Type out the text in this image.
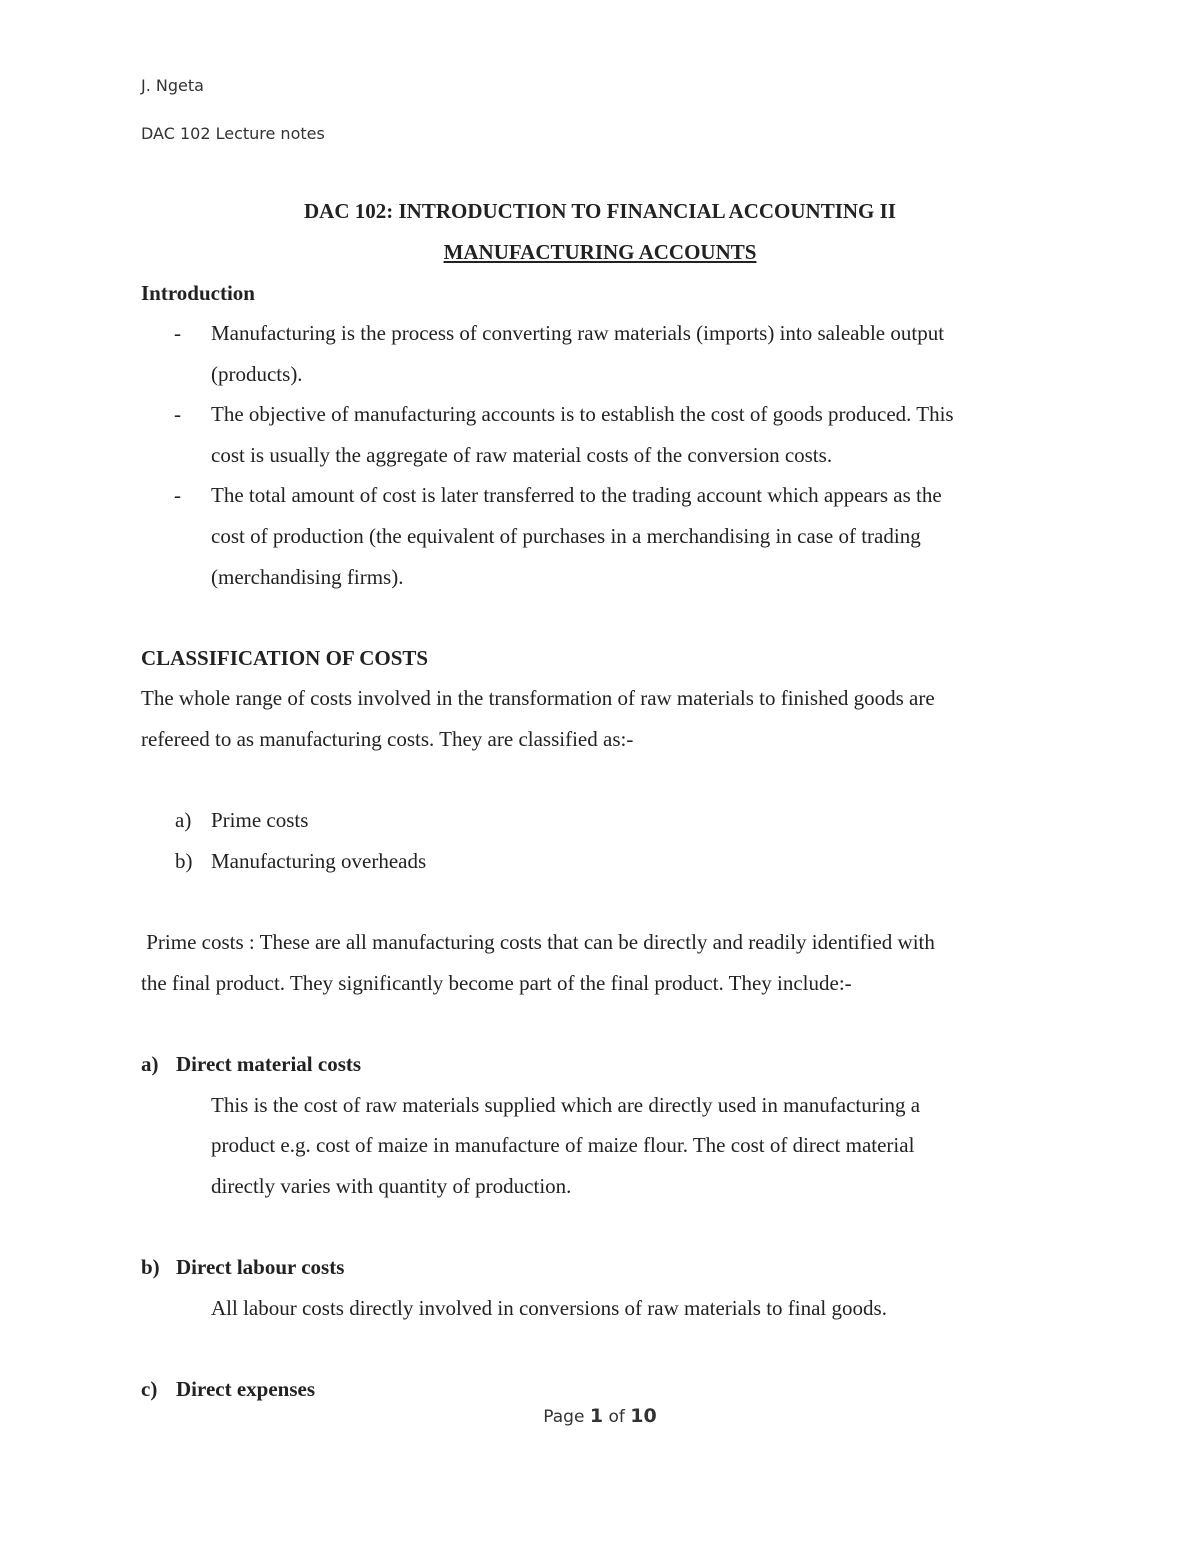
J. Ngeta
DAC 102 Lecture notes
DAC 102: INTRODUCTION TO FINANCIAL ACCOUNTING II
MANUFACTURING ACCOUNTS
Introduction
- Manufacturing is the process of converting raw materials (imports) into saleable output
(products).
- The objective of manufacturing accounts is to establish the cost of goods produced. This
cost is usually the aggregate of raw material costs of the conversion costs.
- The total amount of cost is later transferred to the trading account which appears as the
cost of production (the equivalent of purchases in a merchandising in case of trading
(merchandising firms).
CLASSIFICATION OF COSTS
The whole range of costs involved in the transformation of raw materials to finished goods are
refereed to as manufacturing costs. They are classified as:-
a) Prime costs
b) Manufacturing overheads
Prime costs : These are all manufacturing costs that can be directly and readily identified with
the final product. They significantly become part of the final product. They include:-
a) Direct material costs
This is the cost of raw materials supplied which are directly used in manufacturing a
product e.g. cost of maize in manufacture of maize flour. The cost of direct material
directly varies with quantity of production.
b) Direct labour costs
All labour costs directly involved in conversions of raw materials to final goods.
c) Direct expenses
Page 1 of 10
